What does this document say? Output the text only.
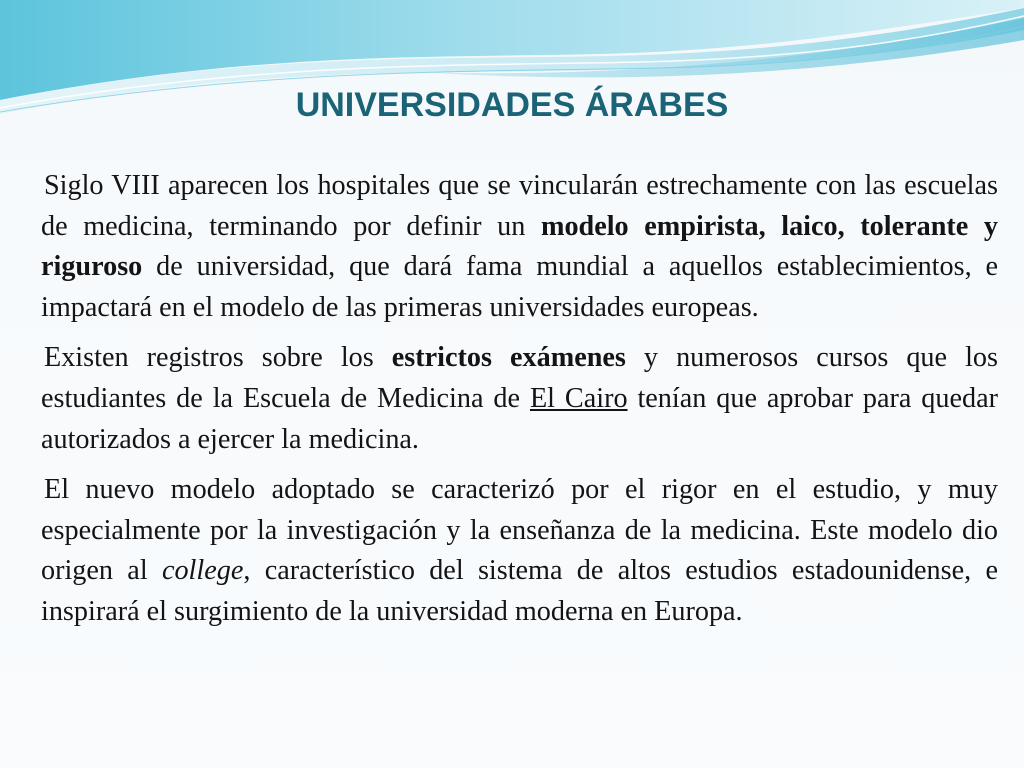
UNIVERSIDADES ÁRABES

Siglo VIII aparecen los hospitales que se vincularán estrechamente con las escuelas de medicina, terminando por definir un modelo empirista, laico, tolerante y riguroso de universidad, que dará fama mundial a aquellos establecimientos, e impactará en el modelo de las primeras universidades europeas.

Existen registros sobre los estrictos exámenes y numerosos cursos que los estudiantes de la Escuela de Medicina de El Cairo tenían que aprobar para quedar autorizados a ejercer la medicina.

El nuevo modelo adoptado se caracterizó por el rigor en el estudio, y muy especialmente por la investigación y la enseñanza de la medicina. Este modelo dio origen al college, característico del sistema de altos estudios estadounidense, e inspirará el surgimiento de la universidad moderna en Europa.
